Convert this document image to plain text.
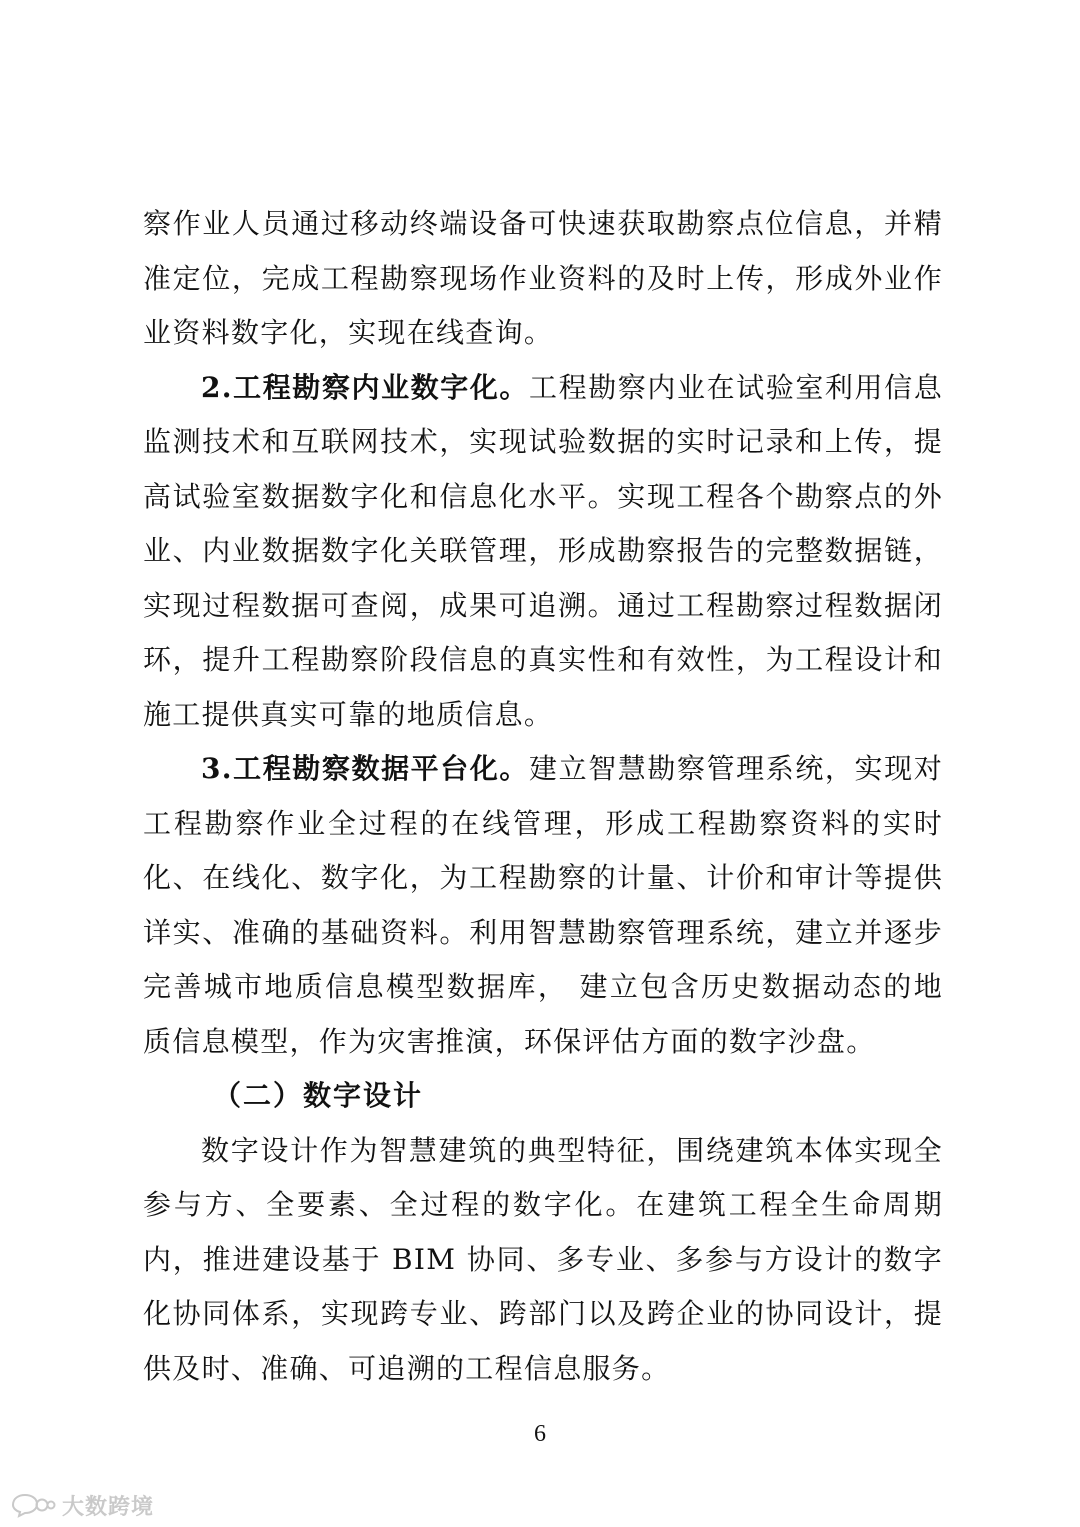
察作业人员通过移动终端设备可快速获取勘察点位信息，并精准定位，完成工程勘察现场作业资料的及时上传，形成外业作业资料数字化，实现在线查询。

2.工程勘察内业数字化。工程勘察内业在试验室利用信息监测技术和互联网技术，实现试验数据的实时记录和上传，提高试验室数据数字化和信息化水平。实现工程各个勘察点的外业、内业数据数字化关联管理，形成勘察报告的完整数据链，实现过程数据可查阅，成果可追溯。通过工程勘察过程数据闭环，提升工程勘察阶段信息的真实性和有效性，为工程设计和施工提供真实可靠的地质信息。

3.工程勘察数据平台化。建立智慧勘察管理系统，实现对工程勘察作业全过程的在线管理，形成工程勘察资料的实时化、在线化、数字化，为工程勘察的计量、计价和审计等提供详实、准确的基础资料。利用智慧勘察管理系统，建立并逐步完善城市地质信息模型数据库， 建立包含历史数据动态的地质信息模型，作为灾害推演，环保评估方面的数字沙盘。

（二）数字设计

数字设计作为智慧建筑的典型特征，围绕建筑本体实现全参与方、全要素、全过程的数字化。在建筑工程全生命周期内，推进建设基于 BIM 协同、多专业、多参与方设计的数字化协同体系，实现跨专业、跨部门以及跨企业的协同设计，提供及时、准确、可追溯的工程信息服务。

6
大数跨境
